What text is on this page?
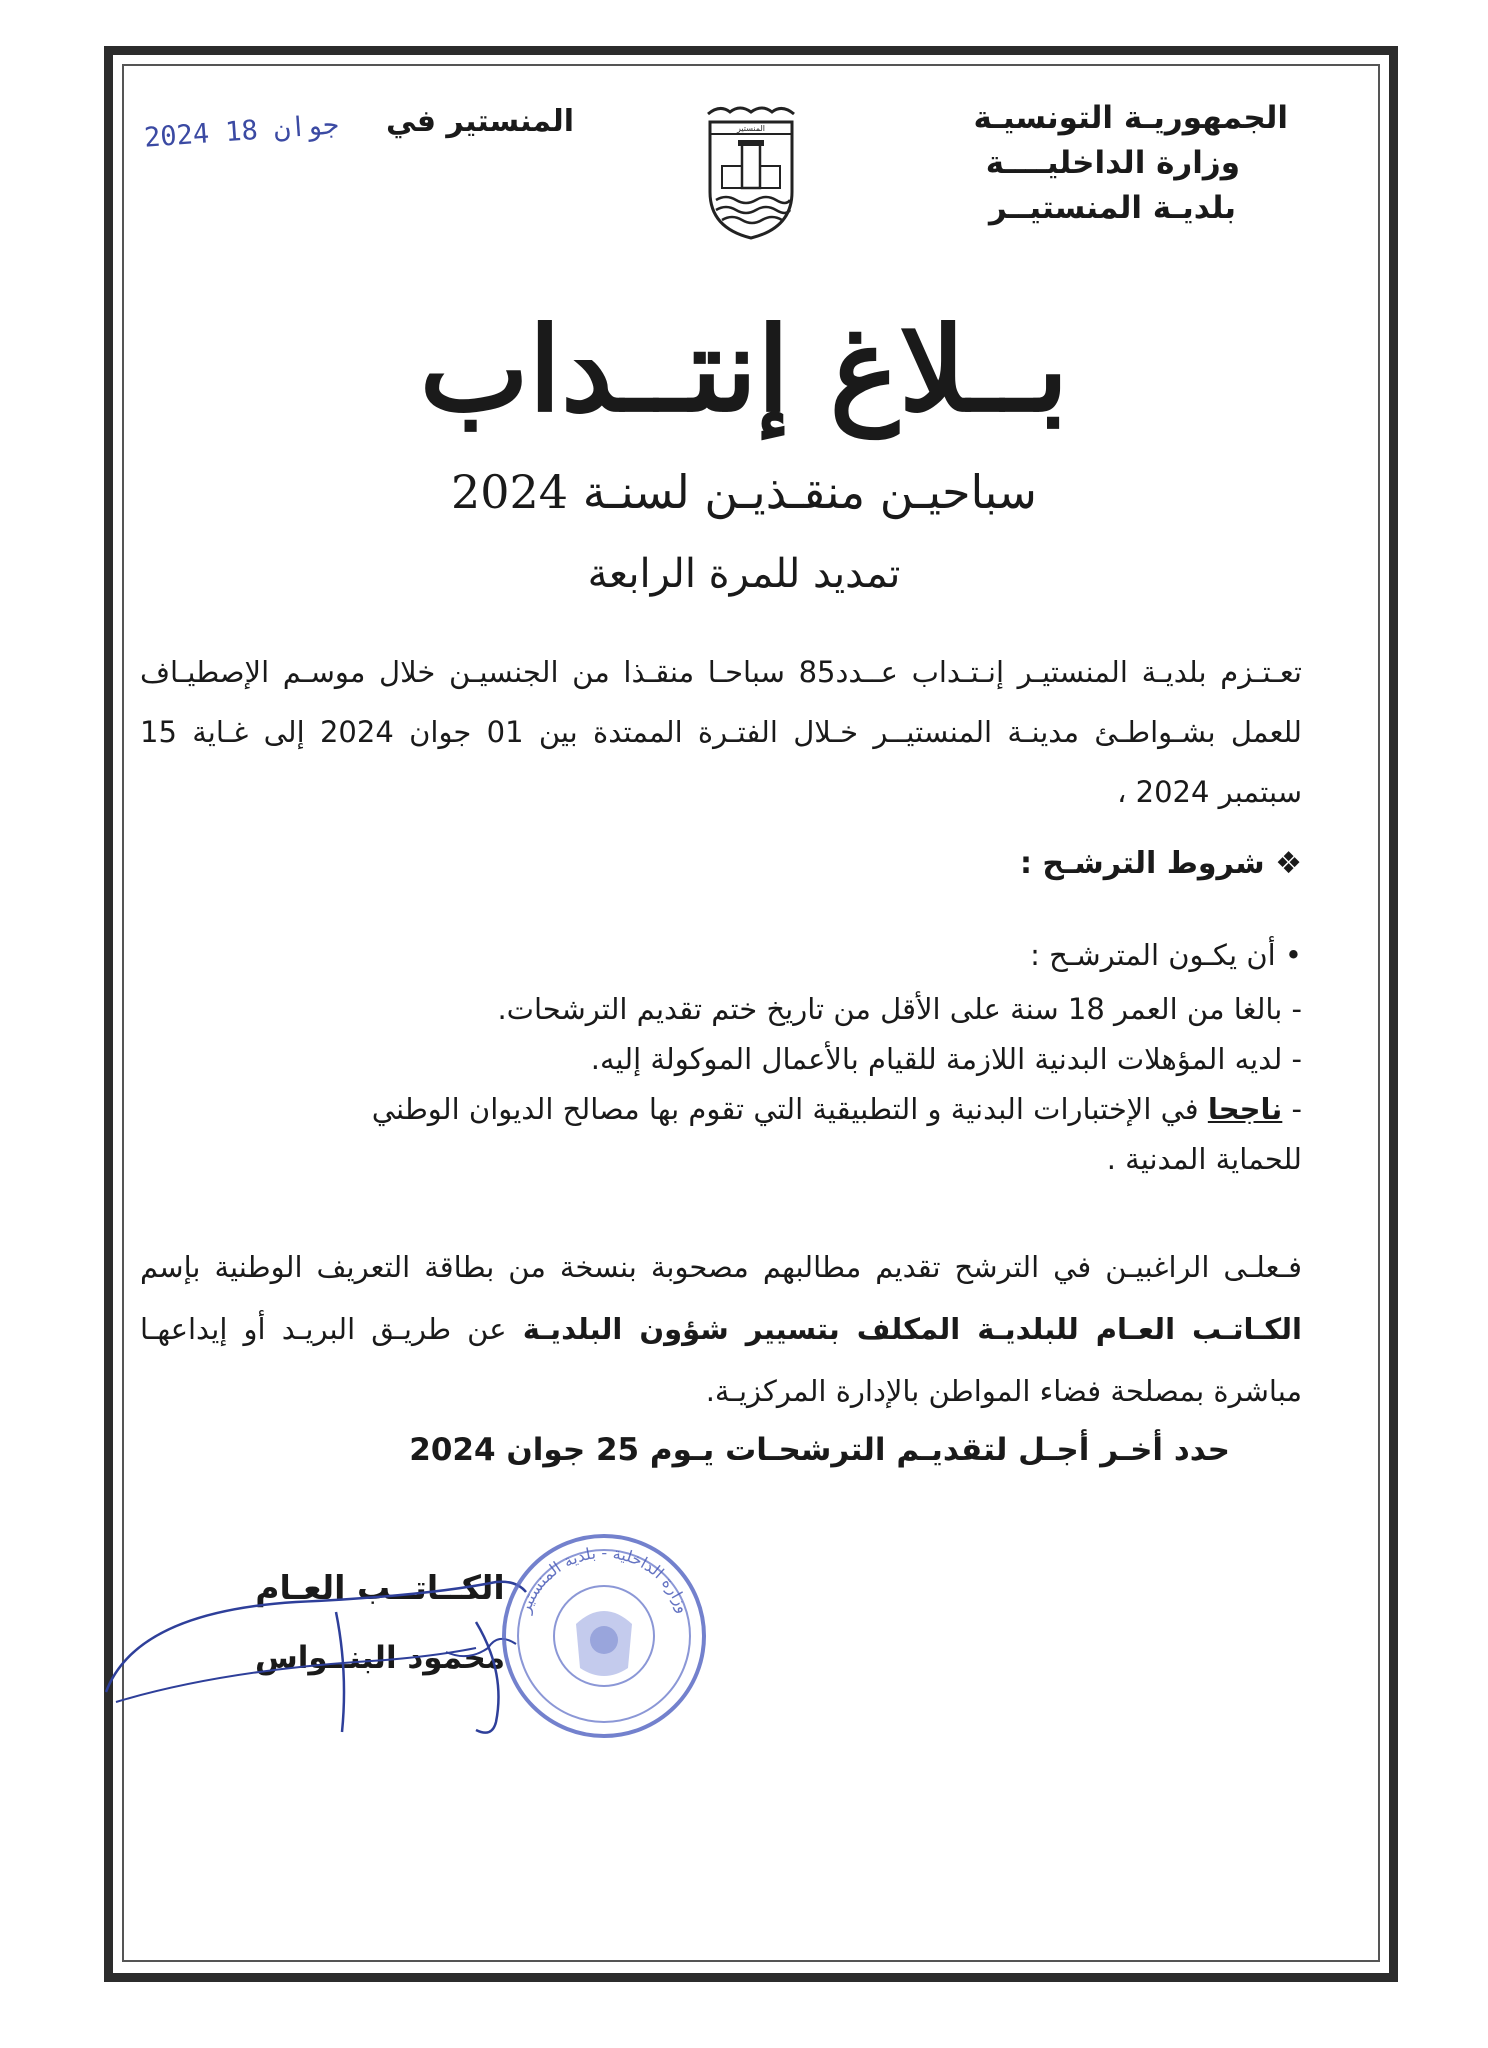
الجمهوريـة التونسيـة
وزارة الداخليــــة
بلديـة المنستيــر
المنستير
المنستير في
2024 جوان 18
بــلاغ إنتــداب
سباحيـن منقـذيـن لسنـة 2024
تمديد للمرة الرابعة
تعـتـزم بلديـة المنستيـر إنـتـداب عــدد85 سباحـا منقـذا من الجنسيـن خلال موسـم الإصطيـاف للعمل بشـواطـئ مدينـة المنستيــر خـلال الفتـرة الممتدة بين 01 جوان 2024 إلى غـاية 15 سبتمبر 2024 ،
❖ شروط الترشـح :
• أن يكـون المترشـح :
- بالغا من العمر 18 سنة على الأقل من تاريخ ختم تقديم الترشحات.
- لديه المؤهلات البدنية اللازمة للقيام بالأعمال الموكولة إليه.
- ناجحا في الإختبارات البدنية و التطبيقية التي تقوم بها مصالح الديوان الوطني للحماية المدنية .
فـعلـى الراغبيـن في الترشح تقديم مطالبهم مصحوبة بنسخة من بطاقة التعريف الوطنية بإسم الكـاتـب العـام للبلديـة المكلف بتسيير شؤون البلديـة عن طريـق البريـد أو إيداعهـا مباشرة بمصلحة فضاء المواطن بالإدارة المركزيـة.
حدد أخـر أجـل لتقديـم الترشحـات يـوم 25 جوان 2024
الكــاتــب العـام
محمود البنــواس
وزارة الداخلية - بلدية المنستير
